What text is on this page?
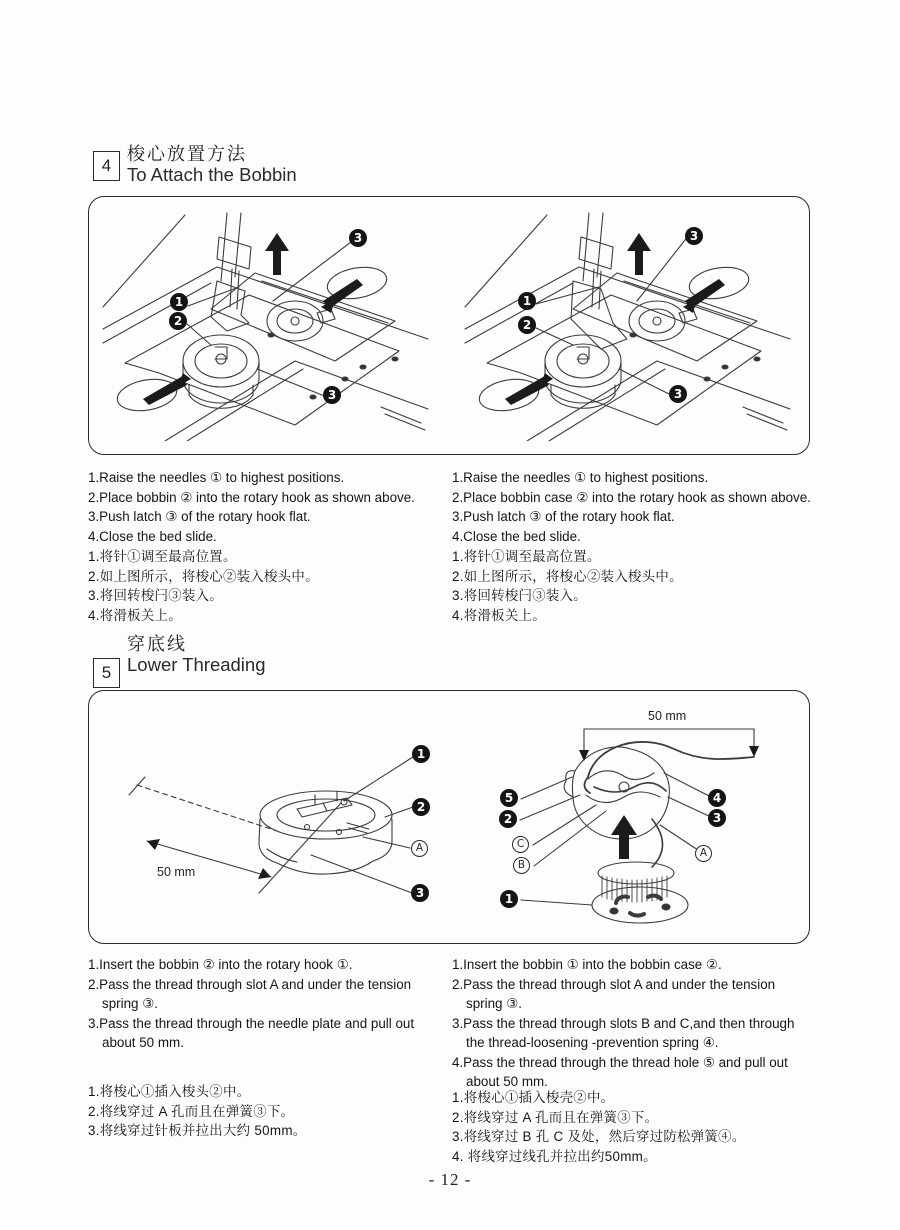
4
梭心放置方法
To Attach the Bobbin
3
1
2
3
3
1
2
3
1.Raise the needles ① to highest positions.
2.Place bobbin ② into the rotary hook as shown above.
3.Push latch ③ of the rotary hook flat.
4.Close the bed slide.
1.Raise the needles ① to highest positions.
2.Place bobbin case ② into the rotary hook as shown above.
3.Push latch ③ of the rotary hook flat.
4.Close the bed slide.
1.将针①调至最高位置。
2.如上图所示，将梭心②装入梭头中。
3.将回转梭闩③装入。
4.将滑板关上。
1.将针①调至最高位置。
2.如上图所示，将梭心②装入梭头中。
3.将回转梭闩③装入。
4.将滑板关上。
5
穿底线
Lower Threading
50 mm
1
2
A
3
50 mm
5
2
C
B
1
4
3
A
1.Insert the bobbin ② into the rotary hook ①.
2.Pass the thread through slot A and under the tension spring ③.
3.Pass the thread through the needle plate and pull out about 50 mm.
1.Insert the bobbin ① into the bobbin case ②.
2.Pass the thread through slot A and under the tension spring ③.
3.Pass the thread through slots B and C,and then through the thread-loosening -prevention spring ④.
4.Pass the thread through the thread hole ⑤ and pull out about 50 mm.
1.将梭心①插入梭头②中。
2.将线穿过 A 孔而且在弹簧③下。
3.将线穿过针板并拉出大约 50mm。
1.将梭心①插入梭壳②中。
2.将线穿过 A 孔而且在弹簧③下。
3.将线穿过 B 孔 C 及处，然后穿过防松弹簧④。
4. 将线穿过线孔并拉出约50mm。
- 12 -
